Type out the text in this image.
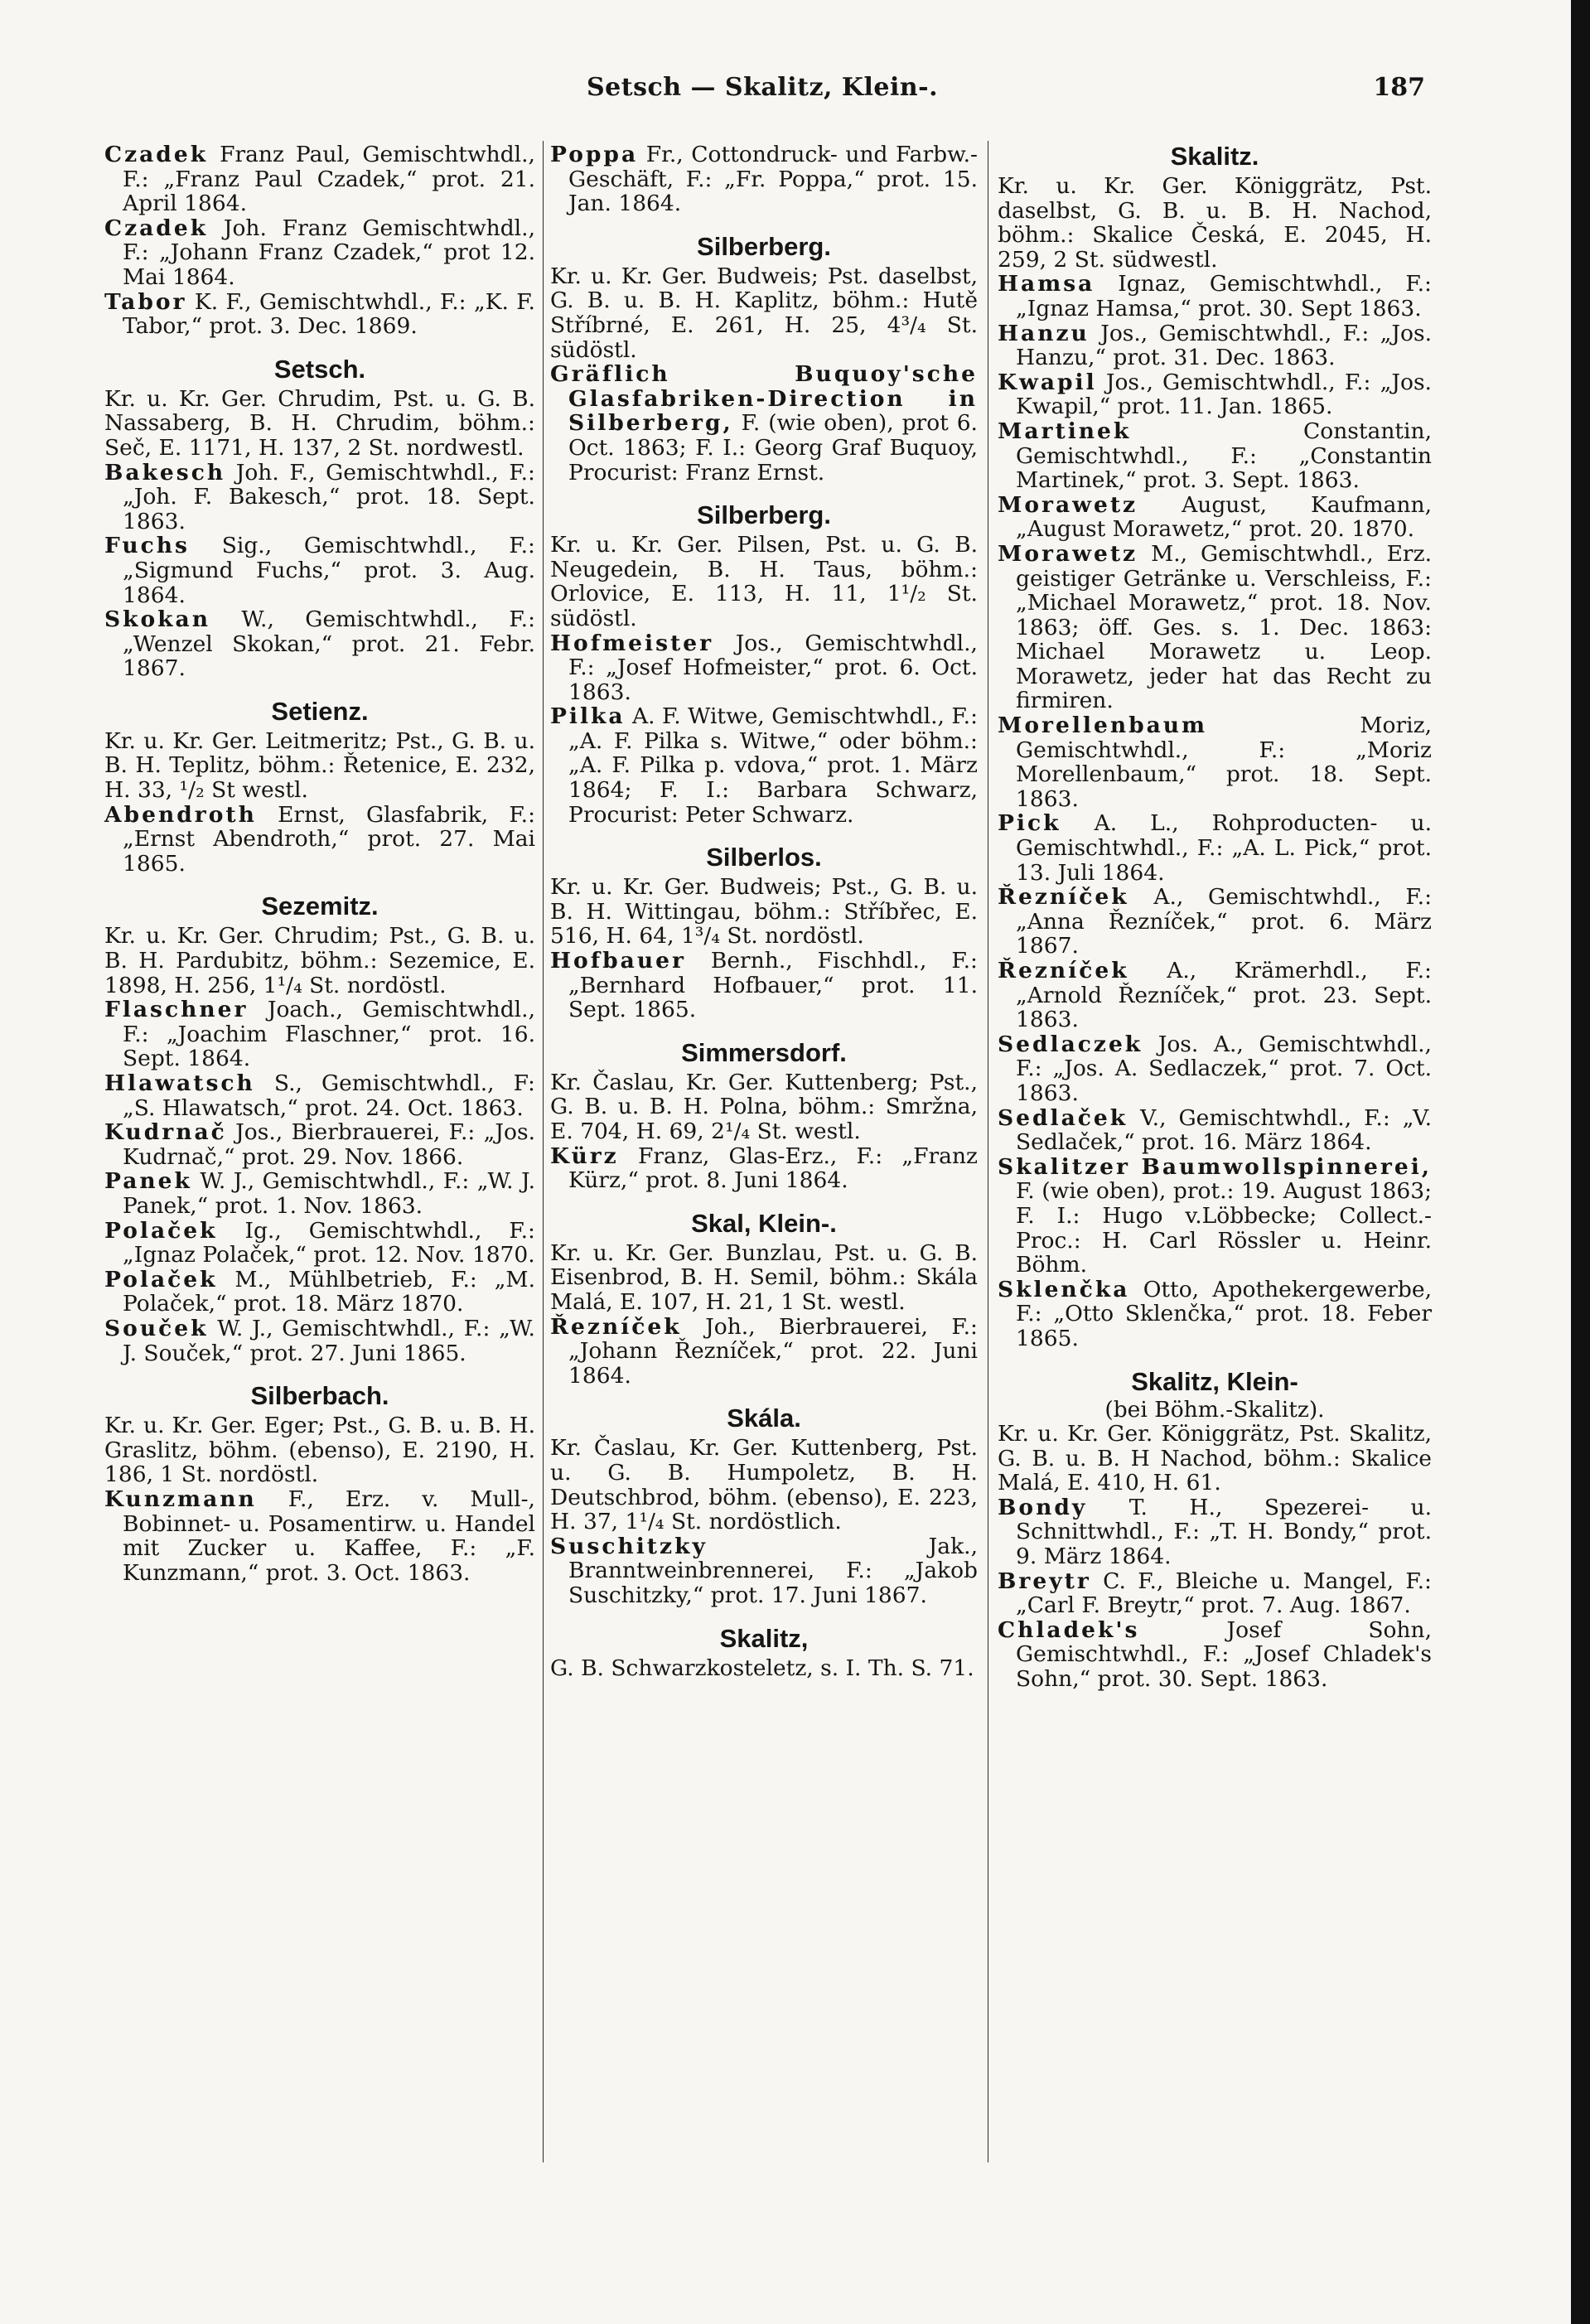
Setsch — Skalitz, Klein-.	187
Czadek Franz Paul, Gemischtwhdl., F.: „Franz Paul Czadek,“ prot. 21. April 1864.
Czadek Joh. Franz Gemischtwhdl., F.: „Johann Franz Czadek,“ prot 12. Mai 1864.
Tabor K. F., Gemischtwhdl., F.: „K. F. Tabor,“ prot. 3. Dec. 1869.
Setsch.
Kr. u. Kr. Ger. Chrudim, Pst. u. G. B. Nassaberg, B. H. Chrudim, böhm.: Seč, E. 1171, H. 137, 2 St. nordwestl.
Bakesch Joh. F., Gemischtwhdl., F.: „Joh. F. Bakesch,“ prot. 18. Sept. 1863.
Fuchs Sig., Gemischtwhdl., F.: „Sigmund Fuchs,“ prot. 3. Aug. 1864.
Skokan W., Gemischtwhdl., F.: „Wenzel Skokan,“ prot. 21. Febr. 1867.
Setienz.
Kr. u. Kr. Ger. Leitmeritz; Pst., G. B. u. B. H. Teplitz, böhm.: Řetenice, E. 232, H. 33, ¹/₂ St westl.
Abendroth Ernst, Glasfabrik, F.: „Ernst Abendroth,“ prot. 27. Mai 1865.
Sezemitz.
Kr. u. Kr. Ger. Chrudim; Pst., G. B. u. B. H. Pardubitz, böhm.: Sezemice, E. 1898, H. 256, 1¹/₄ St. nordöstl.
Flaschner Joach., Gemischtwhdl., F.: „Joachim Flaschner,“ prot. 16. Sept. 1864.
Hlawatsch S., Gemischtwhdl., F: „S. Hlawatsch,“ prot. 24. Oct. 1863.
Kudrnač Jos., Bierbrauerei, F.: „Jos. Kudrnač,“ prot. 29. Nov. 1866.
Panek W. J., Gemischtwhdl., F.: „W. J. Panek,“ prot. 1. Nov. 1863.
Polaček Ig., Gemischtwhdl., F.: „Ignaz Polaček,“ prot. 12. Nov. 1870.
Polaček M., Mühlbetrieb, F.: „M. Polaček,“ prot. 18. März 1870.
Souček W. J., Gemischtwhdl., F.: „W. J. Souček,“ prot. 27. Juni 1865.
Silberbach.
Kr. u. Kr. Ger. Eger; Pst., G. B. u. B. H. Graslitz, böhm. (ebenso), E. 2190, H. 186, 1 St. nordöstl.
Kunzmann F., Erz. v. Mull-, Bobinnet- u. Posamentirw. u. Handel mit Zucker u. Kaffee, F.: „F. Kunzmann,“ prot. 3. Oct. 1863.
Poppa Fr., Cottondruck- und Farbw.-Geschäft, F.: „Fr. Poppa,“ prot. 15. Jan. 1864.
Silberberg.
Kr. u. Kr. Ger. Budweis; Pst. daselbst, G. B. u. B. H. Kaplitz, böhm.: Hutě Stříbrné, E. 261, H. 25, 4³/₄ St. südöstl.
Gräflich Buquoy'sche Glasfabriken-Direction in Silberberg, F. (wie oben), prot 6. Oct. 1863; F. I.: Georg Graf Buquoy, Procurist: Franz Ernst.
Silberberg.
Kr. u. Kr. Ger. Pilsen, Pst. u. G. B. Neugedein, B. H. Taus, böhm.: Orlovice, E. 113, H. 11, 1¹/₂ St. südöstl.
Hofmeister Jos., Gemischtwhdl., F.: „Josef Hofmeister,“ prot. 6. Oct. 1863.
Pilka A. F. Witwe, Gemischtwhdl., F.: „A. F. Pilka s. Witwe,“ oder böhm.: „A. F. Pilka p. vdova,“ prot. 1. März 1864; F. I.: Barbara Schwarz, Procurist: Peter Schwarz.
Silberlos.
Kr. u. Kr. Ger. Budweis; Pst., G. B. u. B. H. Wittingau, böhm.: Stříbřec, E. 516, H. 64, 1³/₄ St. nordöstl.
Hofbauer Bernh., Fischhdl., F.: „Bernhard Hofbauer,“ prot. 11. Sept. 1865.
Simmersdorf.
Kr. Časlau, Kr. Ger. Kuttenberg; Pst., G. B. u. B. H. Polna, böhm.: Smržna, E. 704, H. 69, 2¹/₄ St. westl.
Kürz Franz, Glas-Erz., F.: „Franz Kürz,“ prot. 8. Juni 1864.
Skal, Klein-.
Kr. u. Kr. Ger. Bunzlau, Pst. u. G. B. Eisenbrod, B. H. Semil, böhm.: Skála Malá, E. 107, H. 21, 1 St. westl.
Řezníček Joh., Bierbrauerei, F.: „Johann Řezníček,“ prot. 22. Juni 1864.
Skála.
Kr. Časlau, Kr. Ger. Kuttenberg, Pst. u. G. B. Humpoletz, B. H. Deutschbrod, böhm. (ebenso), E. 223, H. 37, 1¹/₄ St. nordöstlich.
Suschitzky	Jak., Branntweinbrennerei, F.: „Jakob Suschitzky,“ prot. 17. Juni 1867.
Skalitz,
G. B. Schwarzkosteletz, s. I. Th. S. 71.
Skalitz.
Kr. u. Kr. Ger. Königgrätz, Pst. daselbst, G. B. u. B. H. Nachod, böhm.: Skalice Česká, E. 2045, H. 259, 2 St. südwestl.
Hamsa Ignaz, Gemischtwhdl., F.: „Ignaz Hamsa,“ prot. 30. Sept 1863.
Hanzu Jos., Gemischtwhdl., F.: „Jos. Hanzu,“ prot. 31. Dec. 1863.
Kwapil Jos., Gemischtwhdl., F.: „Jos. Kwapil,“ prot. 11. Jan. 1865.
Martinek	Constantin, Gemischtwhdl., F.: „Constantin Martinek,“ prot. 3. Sept. 1863.
Morawetz August, Kaufmann, „August Morawetz,“ prot. 20. 1870.
Morawetz M., Gemischtwhdl., Erz. geistiger Getränke u. Verschleiss, F.: „Michael Morawetz,“ prot. 18. Nov. 1863; öff. Ges. s. 1. Dec. 1863: Michael Morawetz u. Leop. Morawetz, jeder hat das Recht zu firmiren.
Morellenbaum	Moriz, Gemischtwhdl., F.: „Moriz Morellenbaum,“ prot. 18. Sept. 1863.
Pick A. L., Rohproducten- u. Gemischtwhdl., F.: „A. L. Pick,“ prot. 13. Juli 1864.
Řezníček A., Gemischtwhdl., F.: „Anna Řezníček,“ prot. 6. März 1867.
Řezníček A., Krämerhdl., F.: „Arnold Řezníček,“ prot. 23. Sept. 1863.
Sedlaczek Jos. A., Gemischtwhdl., F.: „Jos. A. Sedlaczek,“ prot. 7. Oct. 1863.
Sedlaček V., Gemischtwhdl., F.: „V. Sedlaček,“ prot. 16. März 1864.
Skalitzer Baumwollspinnerei, F. (wie oben), prot.: 19. August 1863; F. I.: Hugo v.Löbbecke; Collect.-Proc.: H. Carl Rössler u. Heinr. Böhm.
Sklenčka Otto, Apothekergewerbe, F.: „Otto Sklenčka,“ prot. 18. Feber 1865.
Skalitz, Klein-
(bei Böhm.-Skalitz).
Kr. u. Kr. Ger. Königgrätz, Pst. Skalitz, G. B. u. B. H Nachod, böhm.: Skalice Malá, E. 410, H. 61.
Bondy T. H., Spezerei- u. Schnittwhdl., F.: „T. H. Bondy,“ prot. 9. März 1864.
Breytr C. F., Bleiche u. Mangel, F.: „Carl F. Breytr,“ prot. 7. Aug. 1867.
Chladek's	Josef Sohn, Gemischtwhdl., F.: „Josef Chladek's Sohn,“ prot. 30. Sept. 1863.
